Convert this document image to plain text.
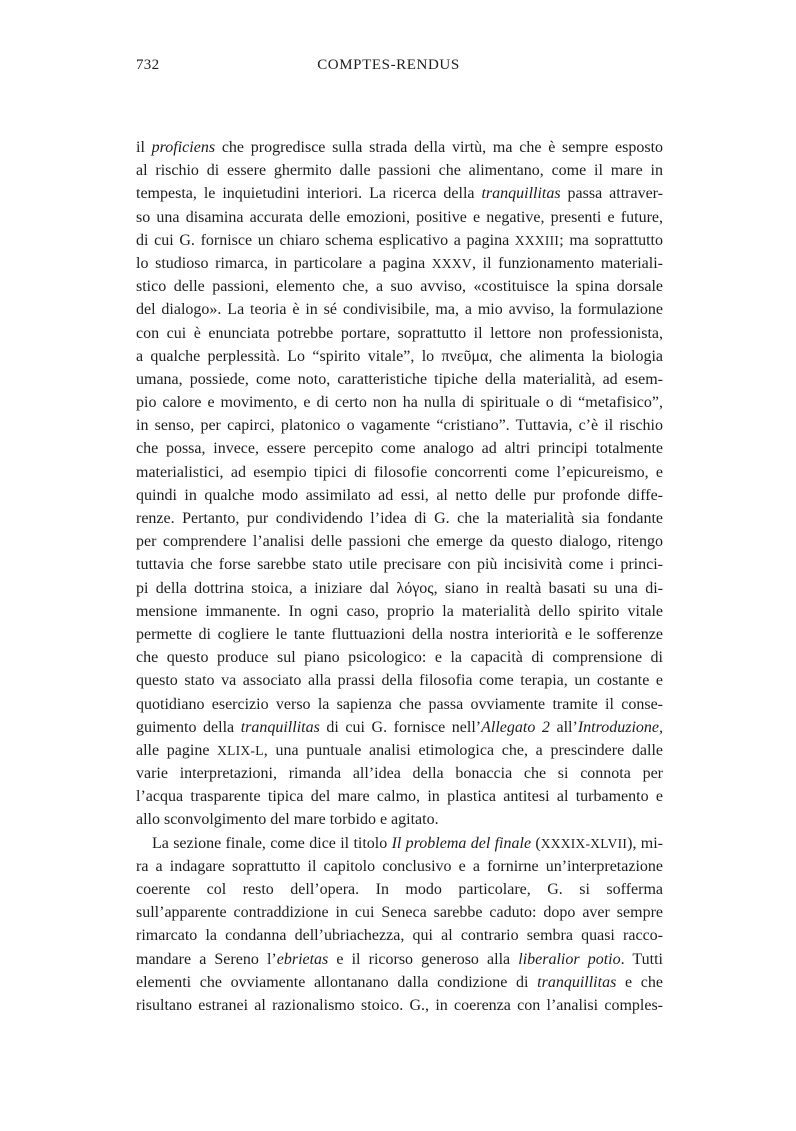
732	COMPTES-RENDUS
il proficiens che progredisce sulla strada della virtù, ma che è sempre esposto
al rischio di essere ghermito dalle passioni che alimentano, come il mare in
tempesta, le inquietudini interiori. La ricerca della tranquillitas passa attraver-
so una disamina accurata delle emozioni, positive e negative, presenti e future,
di cui G. fornisce un chiaro schema esplicativo a pagina XXXIII; ma soprattutto
lo studioso rimarca, in particolare a pagina XXXV, il funzionamento materiali-
stico delle passioni, elemento che, a suo avviso, «costituisce la spina dorsale
del dialogo». La teoria è in sé condivisibile, ma, a mio avviso, la formulazione
con cui è enunciata potrebbe portare, soprattutto il lettore non professionista,
a qualche perplessità. Lo “spirito vitale”, lo πνεῦμα, che alimenta la biologia
umana, possiede, come noto, caratteristiche tipiche della materialità, ad esem-
pio calore e movimento, e di certo non ha nulla di spirituale o di “metafisico”,
in senso, per capirci, platonico o vagamente “cristiano”. Tuttavia, c’è il rischio
che possa, invece, essere percepito come analogo ad altri principi totalmente
materialistici, ad esempio tipici di filosofie concorrenti come l’epicureismo, e
quindi in qualche modo assimilato ad essi, al netto delle pur profonde diffe-
renze. Pertanto, pur condividendo l’idea di G. che la materialità sia fondante
per comprendere l’analisi delle passioni che emerge da questo dialogo, ritengo
tuttavia che forse sarebbe stato utile precisare con più incisività come i princi-
pi della dottrina stoica, a iniziare dal λόγος, siano in realtà basati su una di-
mensione immanente. In ogni caso, proprio la materialità dello spirito vitale
permette di cogliere le tante fluttuazioni della nostra interiorità e le sofferenze
che questo produce sul piano psicologico: e la capacità di comprensione di
questo stato va associato alla prassi della filosofia come terapia, un costante e
quotidiano esercizio verso la sapienza che passa ovviamente tramite il conse-
guimento della tranquillitas di cui G. fornisce nell’Allegato 2 all’Introduzione,
alle pagine XLIX-L, una puntuale analisi etimologica che, a prescindere dalle
varie interpretazioni, rimanda all’idea della bonaccia che si connota per
l’acqua trasparente tipica del mare calmo, in plastica antitesi al turbamento e
allo sconvolgimento del mare torbido e agitato.
La sezione finale, come dice il titolo Il problema del finale (XXXIX-XLVII), mi-
ra a indagare soprattutto il capitolo conclusivo e a fornirne un’interpretazione
coerente col resto dell’opera. In modo particolare, G. si sofferma
sull’apparente contraddizione in cui Seneca sarebbe caduto: dopo aver sempre
rimarcato la condanna dell’ubriachezza, qui al contrario sembra quasi racco-
mandare a Sereno l’ebrietas e il ricorso generoso alla liberalior potio. Tutti
elementi che ovviamente allontanano dalla condizione di tranquillitas e che
risultano estranei al razionalismo stoico. G., in coerenza con l’analisi comples-
